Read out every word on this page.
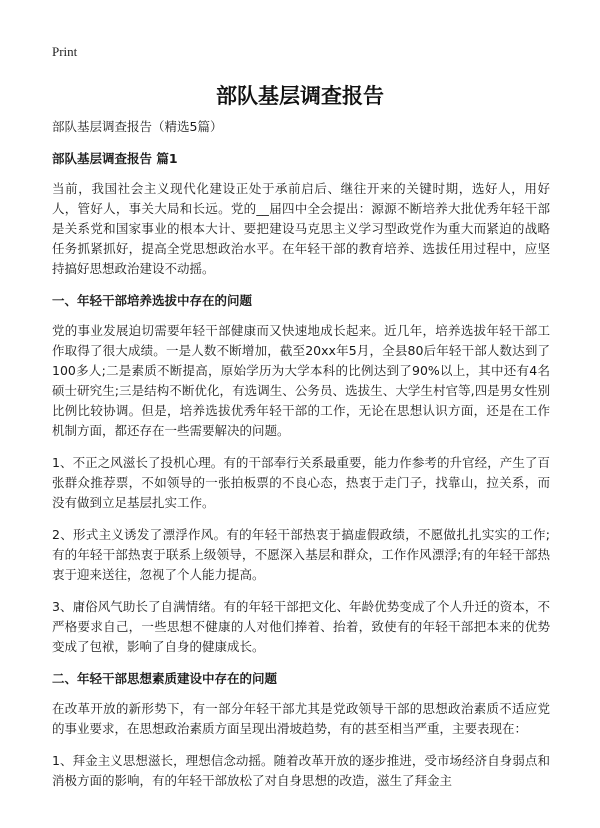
Print
部队基层调查报告

部队基层调查报告（精选5篇）

部队基层调查报告 篇1

当前，我国社会主义现代化建设正处于承前启后、继往开来的关键时期，选好人，用好人，管好人，事关大局和长远。党的__届四中全会提出：源源不断培养大批优秀年轻干部是关系党和国家事业的根本大计、要把建设马克思主义学习型政党作为重大而紧迫的战略任务抓紧抓好，提高全党思想政治水平。在年轻干部的教育培养、选拔任用过程中，应坚持搞好思想政治建设不动摇。

一、年轻干部培养选拔中存在的问题

党的事业发展迫切需要年轻干部健康而又快速地成长起来。近几年，培养选拔年轻干部工作取得了很大成绩。一是人数不断增加，截至20xx年5月，全县80后年轻干部人数达到了100多人;二是素质不断提高，原始学历为大学本科的比例达到了90%以上，其中还有4名硕士研究生;三是结构不断优化，有选调生、公务员、选拔生、大学生村官等,四是男女性别比例比较协调。但是，培养选拔优秀年轻干部的工作，无论在思想认识方面，还是在工作机制方面，都还存在一些需要解决的问题。

1、不正之风滋长了投机心理。有的干部奉行关系最重要，能力作参考的升官经，产生了百张群众推荐票，不如领导的一张拍板票的不良心态，热衷于走门子，找靠山，拉关系，而没有做到立足基层扎实工作。

2、形式主义诱发了漂浮作风。有的年轻干部热衷于搞虚假政绩，不愿做扎扎实实的工作;有的年轻干部热衷于联系上级领导，不愿深入基层和群众，工作作风漂浮;有的年轻干部热衷于迎来送往，忽视了个人能力提高。

3、庸俗风气助长了自满情绪。有的年轻干部把文化、年龄优势变成了个人升迁的资本，不严格要求自己，一些思想不健康的人对他们捧着、抬着，致使有的年轻干部把本来的优势变成了包袱，影响了自身的健康成长。

二、年轻干部思想素质建设中存在的问题

在改革开放的新形势下，有一部分年轻干部尤其是党政领导干部的思想政治素质不适应党的事业要求，在思想政治素质方面呈现出滑坡趋势，有的甚至相当严重，主要表现在：

1、拜金主义思想滋长，理想信念动摇。随着改革开放的逐步推进，受市场经济自身弱点和消极方面的影响，有的年轻干部放松了对自身思想的改造，滋生了拜金主
